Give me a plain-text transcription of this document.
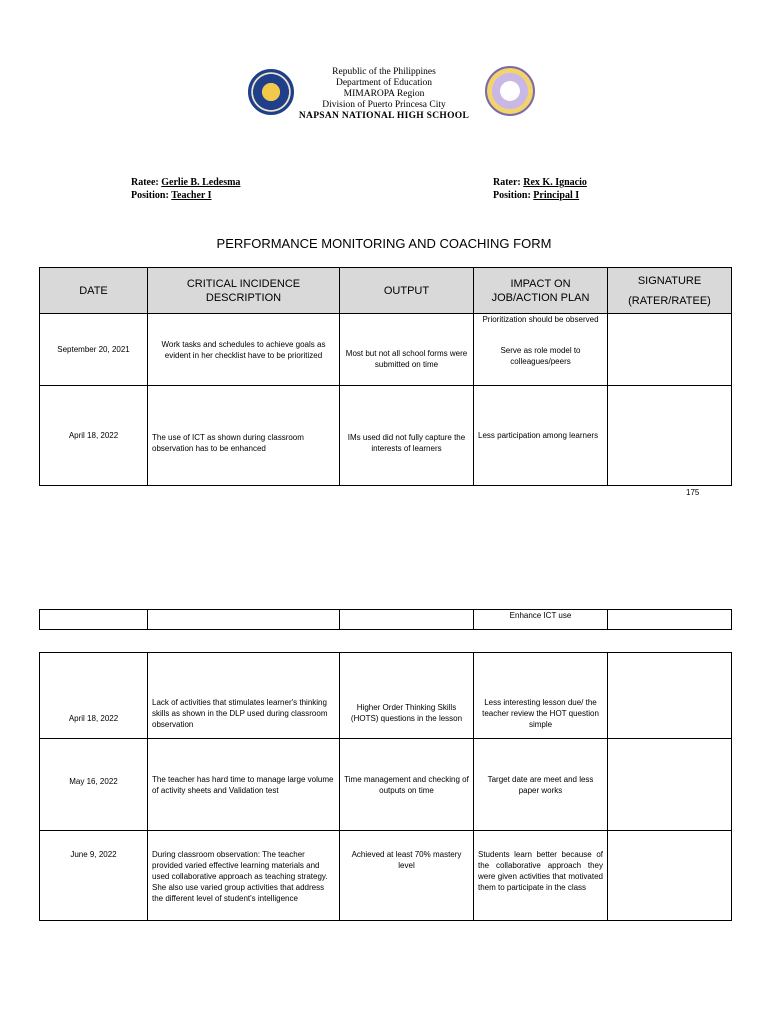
Republic of the Philippines
Department of Education
MIMAROPA Region
Division of Puerto Princesa City
NAPSAN NATIONAL HIGH SCHOOL
Ratee: Gerlie B. Ledesma
Position: Teacher I
Rater: Rex K. Ignacio
Position: Principal I
PERFORMANCE MONITORING AND COACHING FORM
DATE	CRITICAL INCIDENCE DESCRIPTION	OUTPUT	IMPACT ON JOB/ACTION PLAN	SIGNATURE
(RATER/RATEE)

September 20, 2021	Work tasks and schedules to achieve goals as evident in her checklist have to be prioritized	Most but not all school forms were submitted on time	Prioritization should be observed
Serve as role model to colleagues/peers	

April 18, 2022	The use of ICT as shown during classroom observation has to be enhanced	IMs used did not fully capture the interests of learners	Less participation among learners	
175
			Enhance ICT use	
April 18, 2022	Lack of activities that stimulates learner's thinking skills as shown in the DLP used during classroom observation	Higher Order Thinking Skills (HOTS) questions in the lesson	Less interesting lesson due/ the teacher review the HOT question simple	
May 16, 2022	The teacher has hard time to manage large volume of activity sheets and Validation test	Time management and checking of outputs on time	Target date are meet and less paper works	
June 9, 2022	During classroom observation: The teacher provided varied effective learning materials and used collaborative approach as teaching strategy. She also use varied group activities that address the different level of student's intelligence	Achieved at least 70% mastery level	Students learn better because of the collaborative approach they were given activities that motivated them to participate in the class	
